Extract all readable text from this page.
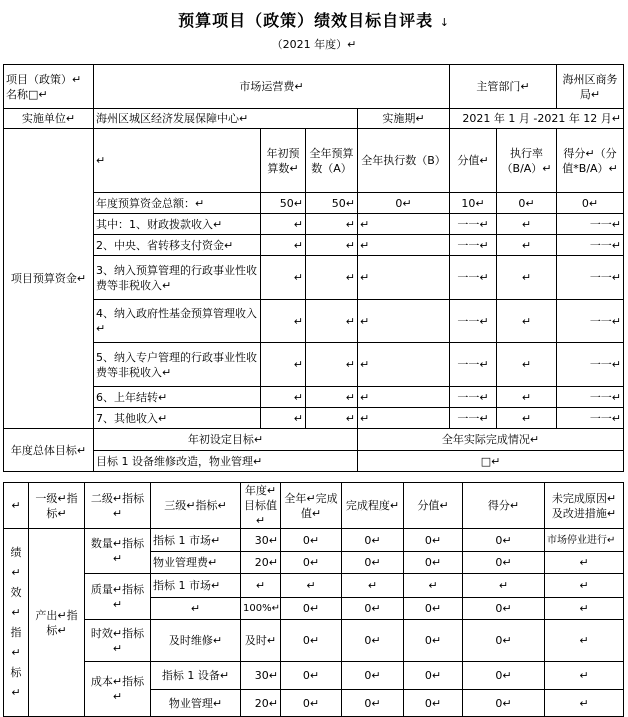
预算项目（政策）绩效目标自评表 ↓
（2021 年度）↵
项目（政策）↵ 名称□↵	市场运营费↵				主管部门↵		海州区商务局↵
实施单位↵	海州区城区经济发展保障中心↵			实施期↵	2021 年 1 月 -2021 年 12 月↵		
项目预算资金↵	↵	年初预算数↵	全年预算数（A）	全年执行数（B）	分值↵	执行率（B/A）↵	得分↵（分值*B/A）↵
	年度预算资金总额：↵	50↵	50↵	0↵	10↵	0↵	0↵
	其中：1、财政拨款收入↵	↵	↵	↵	一一↵	↵	一一↵
	2、中央、省转移支付资金↵	↵	↵	↵	一一↵	↵	一一↵
	3、纳入预算管理的行政事业性收费等非税收入↵	↵	↵	↵	一一↵	↵	一一↵
	4、纳入政府性基金预算管理收入↵	↵	↵	↵	一一↵	↵	一一↵
	5、纳入专户管理的行政事业性收费等非税收入↵	↵	↵	↵	一一↵	↵	一一↵
	6、上年结转↵	↵	↵	↵	一一↵	↵	一一↵
	7、其他收入↵	↵	↵	↵	一一↵	↵	一一↵
年度总体目标↵	年初设定目标↵			全年实际完成情况↵			
	目标 1 设备维修改造，物业管理↵			□↵			
↵	一级↵指标↵	二级↵指标↵	三级↵指标↵	年度↵目标值↵	全年↵完成值↵	完成程度↵	分值↵	得分↵	未完成原因↵及改进措施↵
绩↵效↵指↵标↵	产出↵指标↵	数量↵指标↵	指标 1 市场↵	30↵	0↵	0↵	0↵	0↵	市场停业进行↵
			物业管理费↵	20↵	0↵	0↵	0↵	0↵	↵
		质量↵指标↵	指标 1 市场↵	↵	↵	↵	↵	↵	↵
			↵	100%↵	0↵	0↵	0↵	0↵	↵
		时效↵指标↵	及时维修↵	及时↵	0↵	0↵	0↵	0↵	↵
		成本↵指标↵	指标 1 设备↵	30↵	0↵	0↵	0↵	0↵	↵
			物业管理↵	20↵	0↵	0↵	0↵	0↵	↵
